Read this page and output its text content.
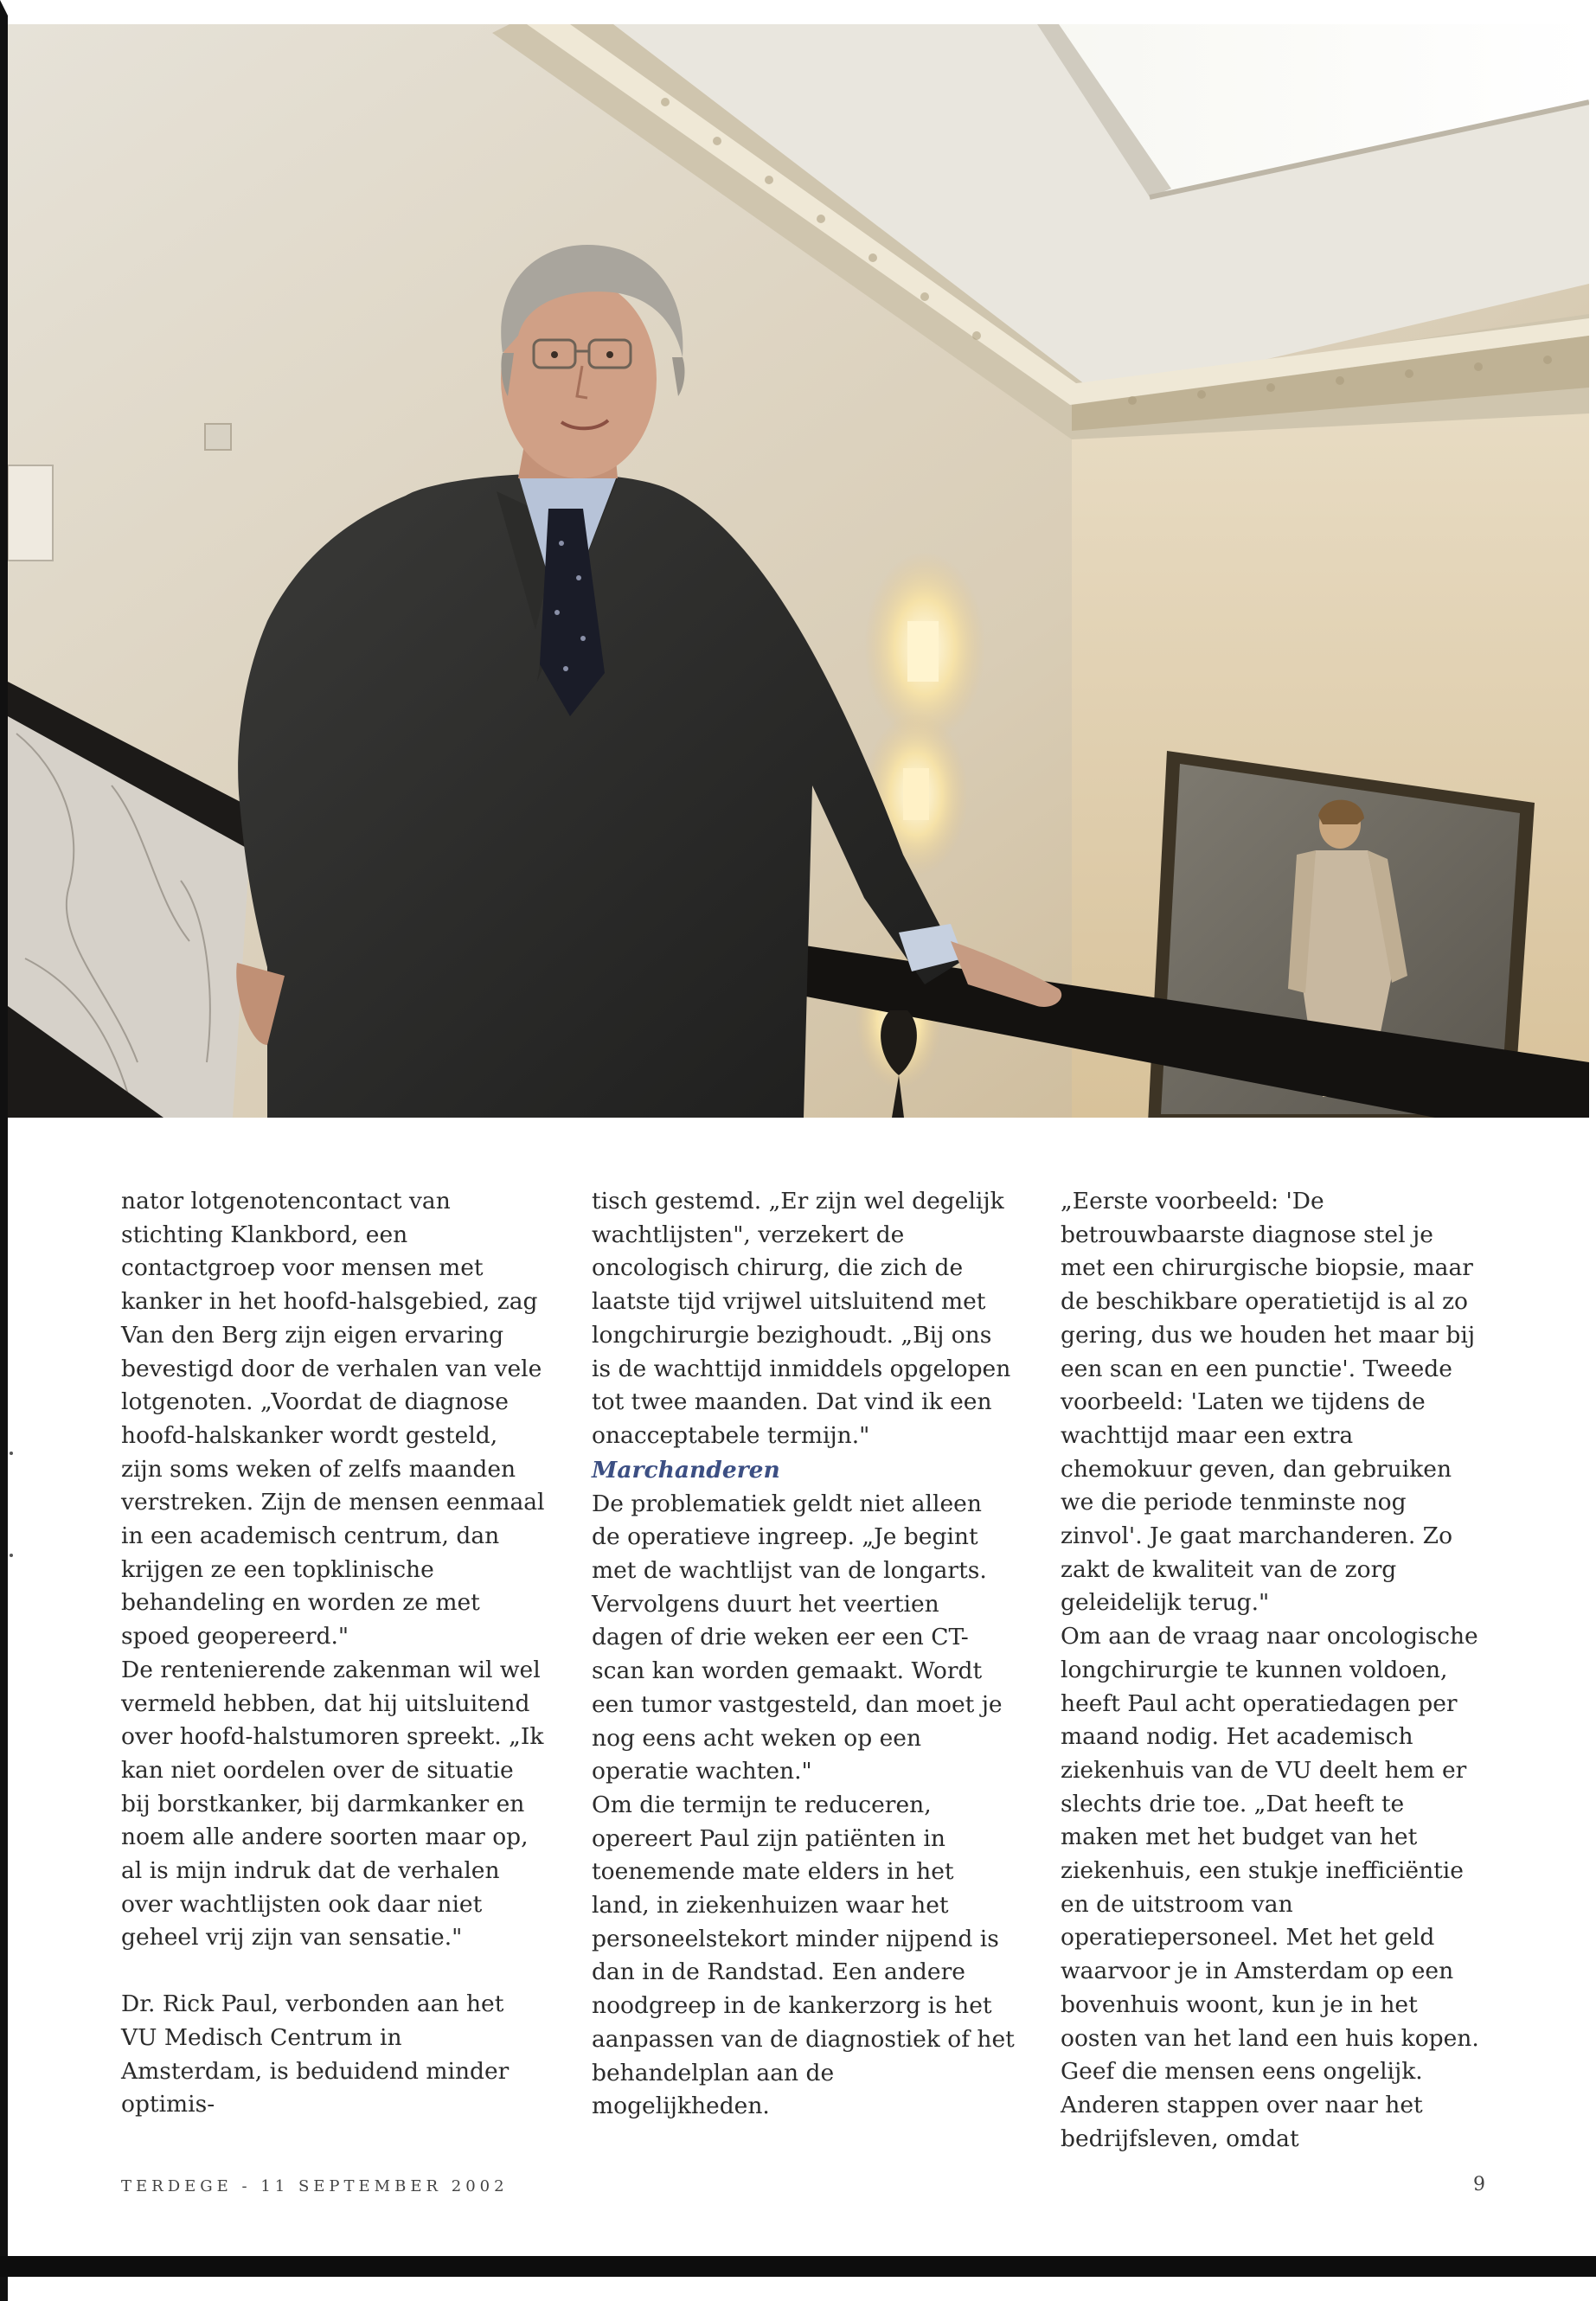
nator lotgenotencontact van stichting Klankbord, een contactgroep voor mensen met kanker in het hoofd-halsgebied, zag Van den Berg zijn eigen ervaring bevestigd door de verhalen van vele lotgenoten. „Voordat de diagnose hoofd-halskanker wordt gesteld, zijn soms weken of zelfs maanden verstreken. Zijn de mensen eenmaal in een academisch centrum, dan krijgen ze een topklinische behandeling en worden ze met spoed geopereerd."

De rentenierende zakenman wil wel vermeld hebben, dat hij uitsluitend over hoofd-halstumoren spreekt. „Ik kan niet oordelen over de situatie bij borstkanker, bij darmkanker en noem alle andere soorten maar op, al is mijn indruk dat de verhalen over wachtlijsten ook daar niet geheel vrij zijn van sensatie."

Dr. Rick Paul, verbonden aan het VU Medisch Centrum in Amsterdam, is beduidend minder optimis-

tisch gestemd. „Er zijn wel degelijk wachtlijsten", verzekert de oncologisch chirurg, die zich de laatste tijd vrijwel uitsluitend met longchirurgie bezighoudt. „Bij ons is de wachttijd inmiddels opgelopen tot twee maanden. Dat vind ik een onacceptabele termijn."

Marchanderen

De problematiek geldt niet alleen de operatieve ingreep. „Je begint met de wachtlijst van de longarts. Vervolgens duurt het veertien dagen of drie weken eer een CT-scan kan worden gemaakt. Wordt een tumor vastgesteld, dan moet je nog eens acht weken op een operatie wachten."

Om die termijn te reduceren, opereert Paul zijn patiënten in toenemende mate elders in het land, in ziekenhuizen waar het personeelstekort minder nijpend is dan in de Randstad. Een andere noodgreep in de kankerzorg is het aanpassen van de diagnostiek of het behandelplan aan de mogelijkheden.

„Eerste voorbeeld: 'De betrouwbaarste diagnose stel je met een chirurgische biopsie, maar de beschikbare operatietijd is al zo gering, dus we houden het maar bij een scan en een punctie'. Tweede voorbeeld: 'Laten we tijdens de wachttijd maar een extra chemokuur geven, dan gebruiken we die periode tenminste nog zinvol'. Je gaat marchanderen. Zo zakt de kwaliteit van de zorg geleidelijk terug."

Om aan de vraag naar oncologische longchirurgie te kunnen voldoen, heeft Paul acht operatiedagen per maand nodig. Het academisch ziekenhuis van de VU deelt hem er slechts drie toe. „Dat heeft te maken met het budget van het ziekenhuis, een stukje inefficiëntie en de uitstroom van operatiepersoneel. Met het geld waarvoor je in Amsterdam op een bovenhuis woont, kun je in het oosten van het land een huis kopen. Geef die mensen eens ongelijk. Anderen stappen over naar het bedrijfsleven, omdat

TERDEGE - 11 SEPTEMBER 2002	9
